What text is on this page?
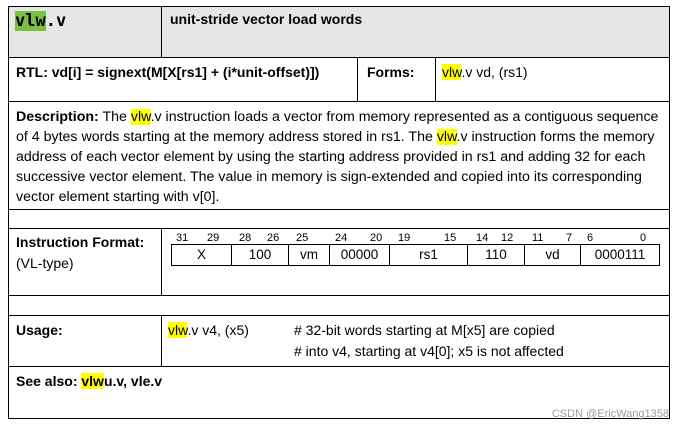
vlw.v	unit-stride vector load words
RTL: vd[i] = signext(M[X[rs1] + (i*unit-offset)])	Forms: vlw.v vd, (rs1)
Description: The vlw.v instruction loads a vector from memory represented as a contiguous sequence of 4 bytes words starting at the memory address stored in rs1. The vlw.v instruction forms the memory address of each vector element by using the starting address provided in rs1 and adding 32 for each successive vector element. The value in memory is sign-extended and copied into its corresponding vector element starting with v[0].
Instruction Format:
(VL-type)
31 29 28 26 25 24 20 19	15 14 12 11 7 6	0
X	100	vm	00000	rs1	110	vd	0000111
Usage:	vlw.v v4, (x5)	# 32-bit words starting at M[x5] are copied
# into v4, starting at v4[0]; x5 is not affected
See also: vlwu.v, vle.v
CSDN @EricWang1358
